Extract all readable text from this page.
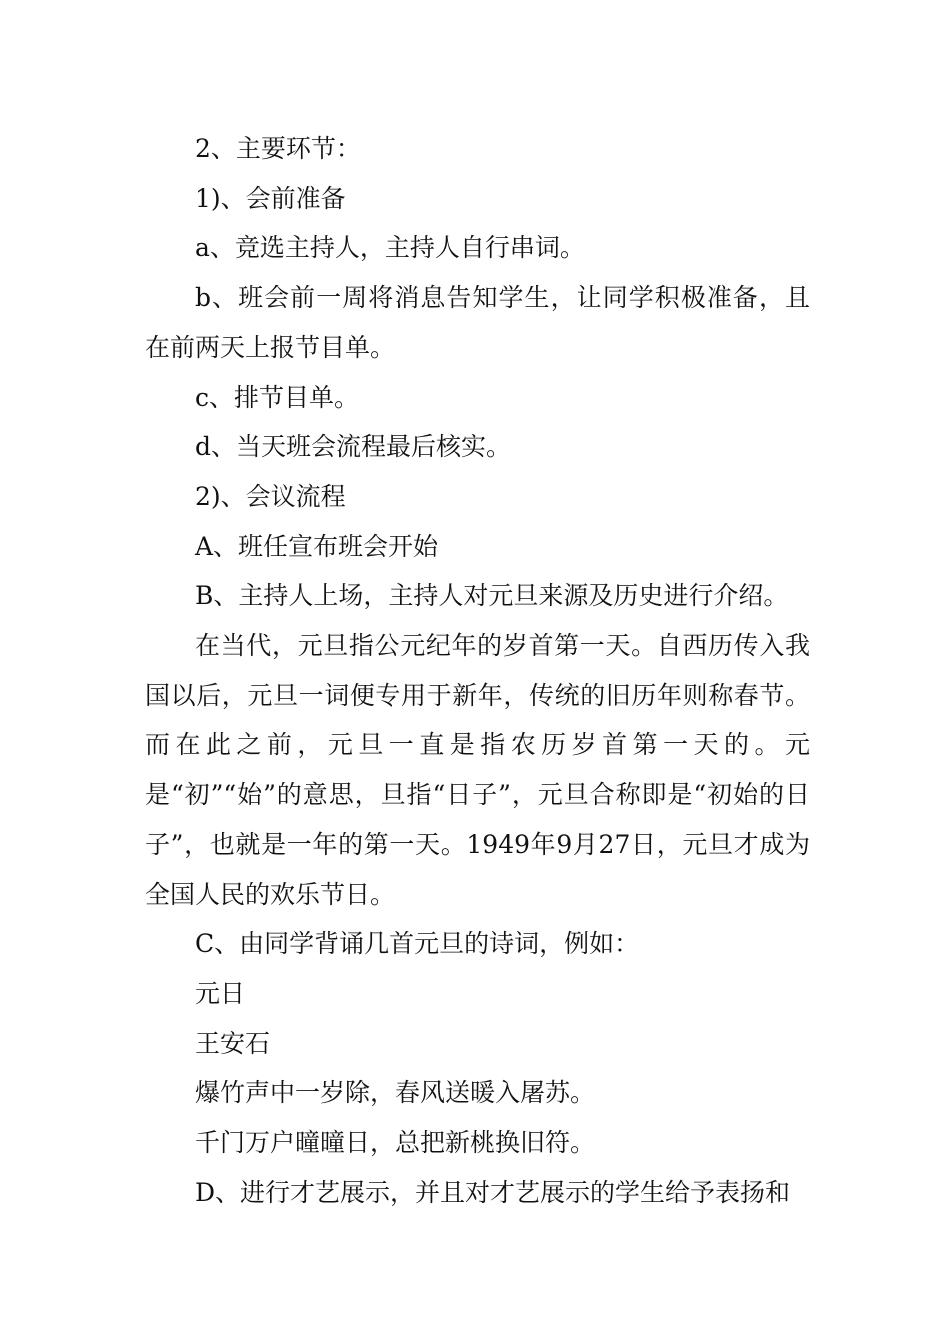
2、主要环节：

1)、会前准备

a、竞选主持人，主持人自行串词。

b、班会前一周将消息告知学生，让同学积极准备，且在前两天上报节目单。

c、排节目单。

d、当天班会流程最后核实。

2)、会议流程

A、班任宣布班会开始

B、主持人上场，主持人对元旦来源及历史进行介绍。

在当代，元旦指公元纪年的岁首第一天。自西历传入我国以后，元旦一词便专用于新年，传统的旧历年则称春节。而在此之前，元旦一直是指农历岁首第一天的。元是“初”“始”的意思，旦指“日子”，元旦合称即是“初始的日子”，也就是一年的第一天。1949年9月27日，元旦才成为全国人民的欢乐节日。

C、由同学背诵几首元旦的诗词，例如：

元日

王安石

爆竹声中一岁除，春风送暖入屠苏。

千门万户曈曈日，总把新桃换旧符。

D、进行才艺展示，并且对才艺展示的学生给予表扬和
